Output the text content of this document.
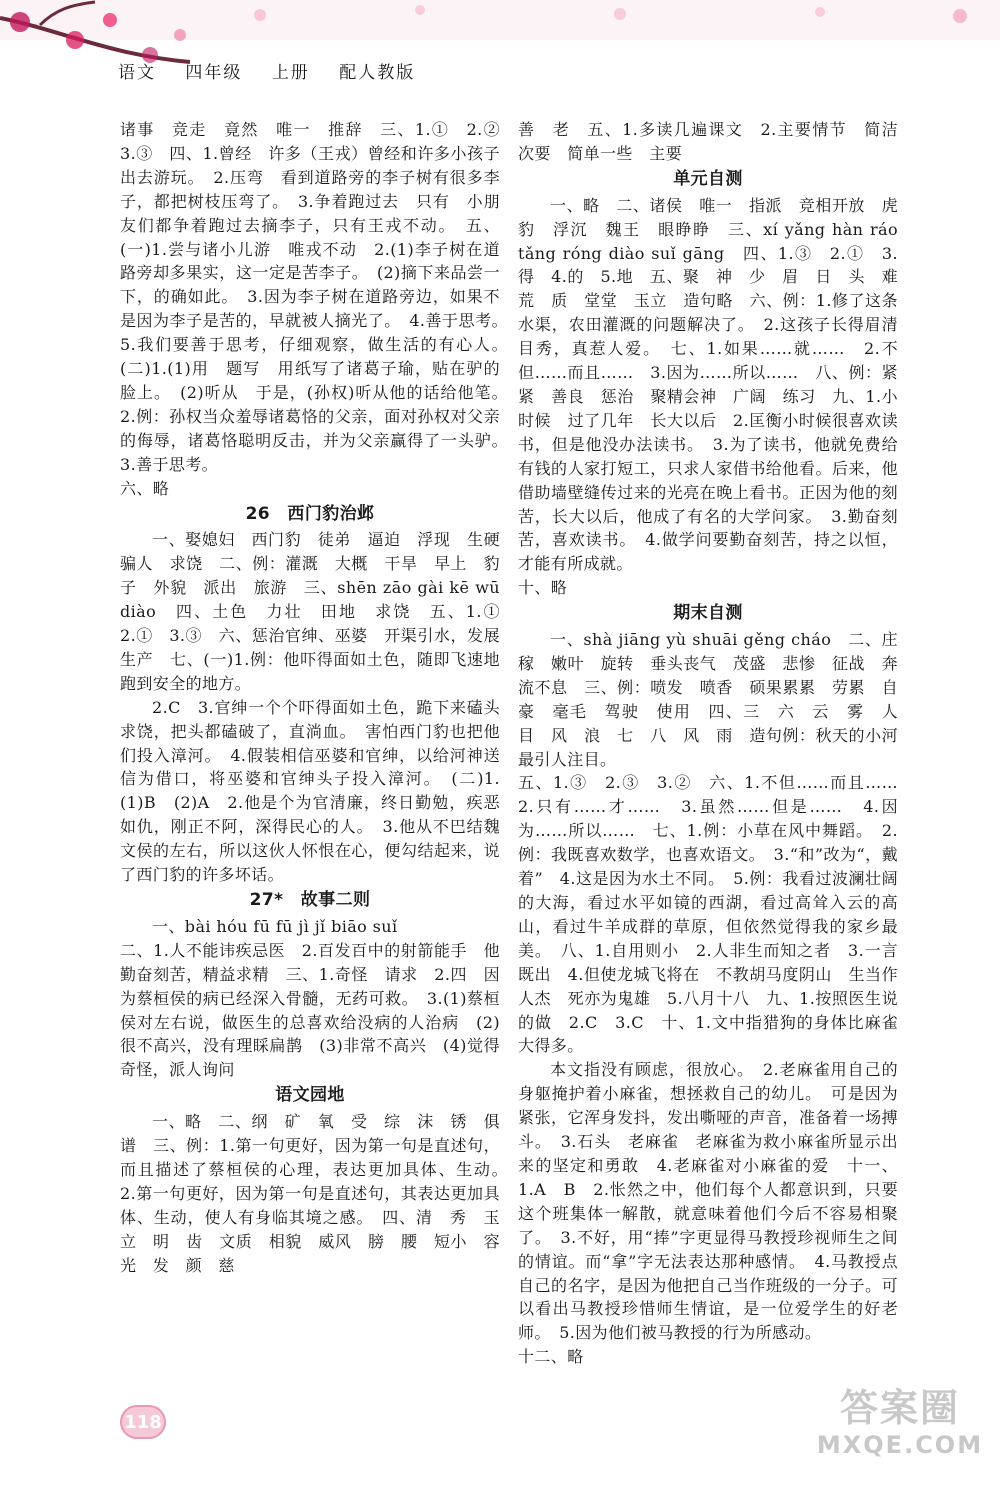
语文 四年级 上册 配人教版

诸事　竞走　竟然　唯一　推辞　三、1.①　2.②　3.③　四、1.曾经　许多（王戎）曾经和许多小孩子出去游玩。　2.压弯　看到道路旁的李子树有很多李子，都把树枝压弯了。　3.争着跑过去　只有　小朋友们都争着跑过去摘李子，只有王戎不动。　五、(一)1.尝与诸小儿游　唯戎不动　2.(1)李子树在道路旁却多果实，这一定是苦李子。　(2)摘下来品尝一下，的确如此。　3.因为李子树在道路旁边，如果不是因为李子是苦的，早就被人摘光了。　4.善于思考。　5.我们要善于思考，仔细观察，做生活的有心人。　(二)1.(1)用　题写　用纸写了诸葛子瑜，贴在驴的脸上。　(2)听从　于是，(孙权)听从他的话给他笔。　2.例：孙权当众羞辱诸葛恪的父亲，面对孙权对父亲的侮辱，诸葛恪聪明反击，并为父亲赢得了一头驴。　3.善于思考。

六、略

26　西门豹治邺

一、娶媳妇　西门豹　徒弟　逼迫　浮现　生硬　骗人　求饶　二、例：灌溉　大概　干旱　早上　豹子　外貌　派出　旅游　三、shēn zāo gài kē wū diào　四、土色　力壮　田地　求饶　五、1.①　2.①　3.③　六、惩治官绅、巫婆　开渠引水，发展生产　七、(一)1.例：他吓得面如土色，随即飞速地跑到安全的地方。

2.C　3.官绅一个个吓得面如土色，跪下来磕头求饶，把头都磕破了，直淌血。　害怕西门豹也把他们投入漳河。　4.假装相信巫婆和官绅，以给河神送信为借口，将巫婆和官绅头子投入漳河。　(二)1.(1)B　(2)A　2.他是个为官清廉，终日勤勉，疾恶如仇，刚正不阿，深得民心的人。　3.他从不巴结魏文侯的左右，所以这伙人怀恨在心，便勾结起来，说了西门豹的许多坏话。

27*　故事二则

一、bài hóu fū fū jì jǐ biāo suǐ

二、1.人不能讳疾忌医　2.百发百中的射箭能手　他勤奋刻苦，精益求精　三、1.奇怪　请求　2.四　因为蔡桓侯的病已经深入骨髓，无药可救。　3.(1)蔡桓侯对左右说，做医生的总喜欢给没病的人治病　(2)很不高兴，没有理睬扁鹊　(3)非常不高兴　(4)觉得奇怪，派人询问

语文园地

一、略　二、纲　矿　氧　受　综　沫　锈　俱　谱　三、例：1.第一句更好，因为第一句是直述句，而且描述了蔡桓侯的心理，表达更加具体、生动。　2.第一句更好，因为第一句是直述句，其表达更加具体、生动，使人有身临其境之感。　四、清　秀　玉立　明　齿　文质　相貌　威风　膀　腰　短小　容光　发　颜　慈

善　老　五、1.多读几遍课文　2.主要情节　简洁　次要　简单一些　主要

单元自测

一、略　二、诸侯　唯一　指派　竞相开放　虎豹　浮沉　魏王　眼睁睁　三、xí yǎng hàn ráo tǎng róng diào suǐ gāng　四、1.③　2.①　3.得　4.的　5.地　五、聚　神　少　眉　日　头　难　荒　质　堂堂　玉立　造句略　六、例：1.修了这条水渠，农田灌溉的问题解决了。　2.这孩子长得眉清目秀，真惹人爱。　七、1.如果……就……　2.不但……而且……　3.因为……所以……　八、例：紧紧　善良　惩治　聚精会神　广阔　练习　九、1.小时候　过了几年　长大以后　2.匡衡小时候很喜欢读书，但是他没办法读书。　3.为了读书，他就免费给有钱的人家打短工，只求人家借书给他看。后来，他借助墙壁缝传过来的光亮在晚上看书。正因为他的刻苦，长大以后，他成了有名的大学问家。　3.勤奋刻苦，喜欢读书。　4.做学问要勤奋刻苦，持之以恒，才能有所成就。

十、略

期末自测

一、shà jiāng yù shuāi gěng cháo　二、庄稼　嫩叶　旋转　垂头丧气　茂盛　悲惨　征战　奔流不息　三、例：喷发　喷香　硕果累累　劳累　自豪　毫毛　驾驶　使用　四、三　六　云　雾　人　目　风　浪　七　八　风　雨　造句例：秋天的小河最引人注目。

五、1.③　2.③　3.②　六、1.不但……而且……　2.只有……才……　3.虽然……但是……　4.因为……所以……　七、1.例：小草在风中舞蹈。　2.例：我既喜欢数学，也喜欢语文。　3.“和”改为“，戴着”　4.这是因为水土不同。　5.例：我看过波澜壮阔的大海，看过水平如镜的西湖，看过高耸入云的高山，看过牛羊成群的草原，但依然觉得我的家乡最美。　八、1.自用则小　2.人非生而知之者　3.一言既出　4.但使龙城飞将在　不教胡马度阴山　生当作人杰　死亦为鬼雄　5.八月十八　九、1.按照医生说的做　2.C　3.C　十、1.文中指猎狗的身体比麻雀大得多。

本文指没有顾虑，很放心。　2.老麻雀用自己的身躯掩护着小麻雀，想拯救自己的幼儿。　可是因为紧张，它浑身发抖，发出嘶哑的声音，准备着一场搏斗。　3.石头　老麻雀　老麻雀为救小麻雀所显示出来的坚定和勇敢　4.老麻雀对小麻雀的爱　十一、1.A　B　2.怅然之中，他们每个人都意识到，只要这个班集体一解散，就意味着他们今后不容易相聚了。　3.不好，用“捧”字更显得马教授珍视师生之间的情谊。而“拿”字无法表达那种感情。　4.马教授点自己的名字，是因为他把自己当作班级的一分子。可以看出马教授珍惜师生情谊，是一位爱学生的好老师。　5.因为他们被马教授的行为所感动。

十二、略

118	答案圈
MXQE.COM
